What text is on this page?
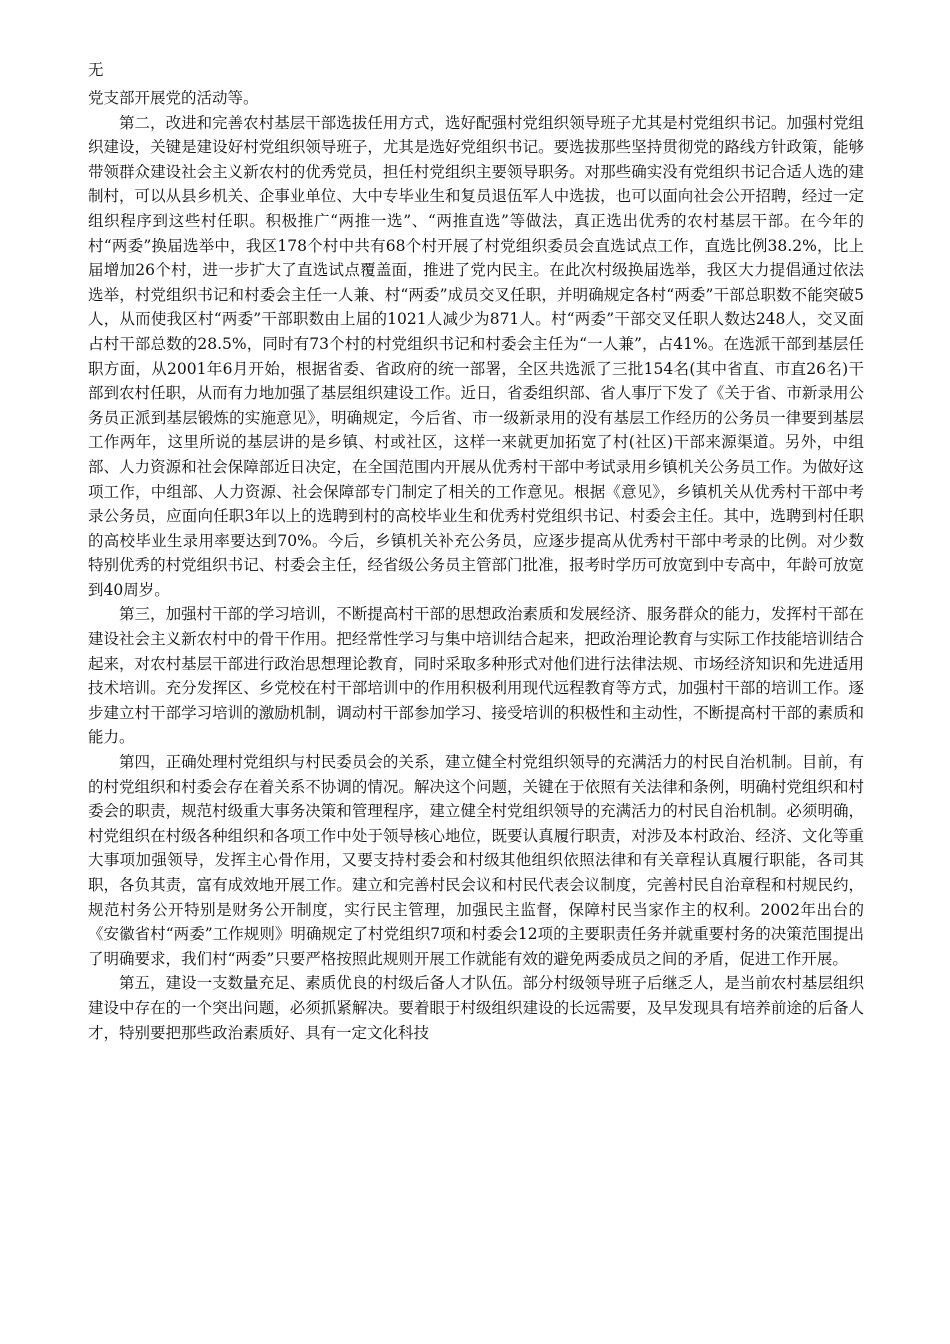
无

党支部开展党的活动等。

第二，改进和完善农村基层干部选拔任用方式，选好配强村党组织领导班子尤其是村党组织书记。加强村党组织建设，关键是建设好村党组织领导班子，尤其是选好党组织书记。要选拔那些坚持贯彻党的路线方针政策，能够带领群众建设社会主义新农村的优秀党员，担任村党组织主要领导职务。对那些确实没有党组织书记合适人选的建制村，可以从县乡机关、企事业单位、大中专毕业生和复员退伍军人中选拔，也可以面向社会公开招聘，经过一定组织程序到这些村任职。积极推广“两推一选”、“两推直选”等做法，真正选出优秀的农村基层干部。在今年的村“两委”换届选举中，我区178个村中共有68个村开展了村党组织委员会直选试点工作，直选比例38.2%，比上届增加26个村，进一步扩大了直选试点覆盖面，推进了党内民主。在此次村级换届选举，我区大力提倡通过依法选举，村党组织书记和村委会主任一人兼、村“两委”成员交叉任职，并明确规定各村“两委”干部总职数不能突破5人，从而使我区村“两委”干部职数由上届的1021人减少为871人。村“两委”干部交叉任职人数达248人，交叉面占村干部总数的28.5%，同时有73个村的村党组织书记和村委会主任为“一人兼”，占41%。在选派干部到基层任职方面，从2001年6月开始，根据省委、省政府的统一部署，全区共选派了三批154名(其中省直、市直26名)干部到农村任职，从而有力地加强了基层组织建设工作。近日，省委组织部、省人事厅下发了《关于省、市新录用公务员正派到基层锻炼的实施意见》，明确规定，今后省、市一级新录用的没有基层工作经历的公务员一律要到基层工作两年，这里所说的基层讲的是乡镇、村或社区，这样一来就更加拓宽了村(社区)干部来源渠道。另外，中组部、人力资源和社会保障部近日决定，在全国范围内开展从优秀村干部中考试录用乡镇机关公务员工作。为做好这项工作，中组部、人力资源、社会保障部专门制定了相关的工作意见。根据《意见》，乡镇机关从优秀村干部中考录公务员，应面向任职3年以上的选聘到村的高校毕业生和优秀村党组织书记、村委会主任。其中，选聘到村任职的高校毕业生录用率要达到70%。今后，乡镇机关补充公务员，应逐步提高从优秀村干部中考录的比例。对少数特别优秀的村党组织书记、村委会主任，经省级公务员主管部门批准，报考时学历可放宽到中专高中，年龄可放宽到40周岁。

第三，加强村干部的学习培训，不断提高村干部的思想政治素质和发展经济、服务群众的能力，发挥村干部在建设社会主义新农村中的骨干作用。把经常性学习与集中培训结合起来，把政治理论教育与实际工作技能培训结合起来，对农村基层干部进行政治思想理论教育，同时采取多种形式对他们进行法律法规、市场经济知识和先进适用技术培训。充分发挥区、乡党校在村干部培训中的作用积极利用现代远程教育等方式，加强村干部的培训工作。逐步建立村干部学习培训的激励机制，调动村干部参加学习、接受培训的积极性和主动性，不断提高村干部的素质和能力。

第四，正确处理村党组织与村民委员会的关系，建立健全村党组织领导的充满活力的村民自治机制。目前，有的村党组织和村委会存在着关系不协调的情况。解决这个问题，关键在于依照有关法律和条例，明确村党组织和村委会的职责，规范村级重大事务决策和管理程序，建立健全村党组织领导的充满活力的村民自治机制。必须明确，村党组织在村级各种组织和各项工作中处于领导核心地位，既要认真履行职责，对涉及本村政治、经济、文化等重大事项加强领导，发挥主心骨作用，又要支持村委会和村级其他组织依照法律和有关章程认真履行职能，各司其职，各负其责，富有成效地开展工作。建立和完善村民会议和村民代表会议制度，完善村民自治章程和村规民约，规范村务公开特别是财务公开制度，实行民主管理，加强民主监督，保障村民当家作主的权利。2002年出台的《安徽省村“两委”工作规则》明确规定了村党组织7项和村委会12项的主要职责任务并就重要村务的决策范围提出了明确要求，我们村“两委”只要严格按照此规则开展工作就能有效的避免两委成员之间的矛盾，促进工作开展。

第五，建设一支数量充足、素质优良的村级后备人才队伍。部分村级领导班子后继乏人，是当前农村基层组织建设中存在的一个突出问题，必须抓紧解决。要着眼于村级组织建设的长远需要，及早发现具有培养前途的后备人才，特别要把那些政治素质好、具有一定文化科技
